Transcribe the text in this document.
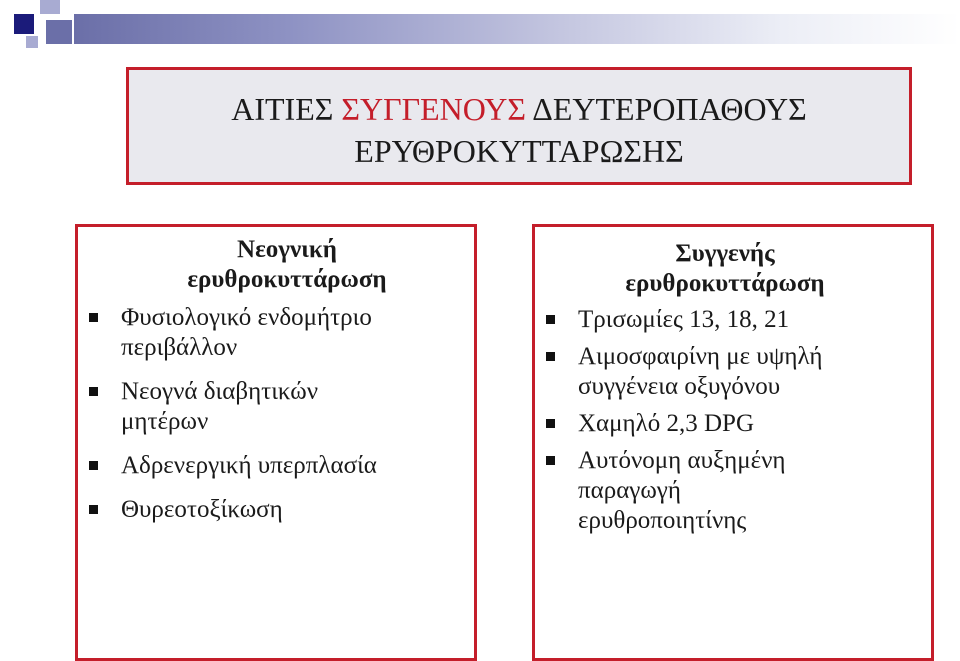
ΑΙΤΙΕΣ ΣΥΓΓΕΝΟΥΣ ΔΕΥΤΕΡΟΠΑΘΟΥΣ
ΕΡΥΘΡΟΚΥΤΤΑΡΩΣΗΣ

Νεογνική
ερυθροκυττάρωση

Φυσιολογικό ενδομήτριο
περιβάλλον
Νεογνά διαβητικών
μητέρων
Αδρενεργική υπερπλασία
Θυρεοτοξίκωση

Συγγενής
ερυθροκυττάρωση

Τρισωμίες 13, 18, 21
Αιμοσφαιρίνη με υψηλή
συγγένεια οξυγόνου
Χαμηλό 2,3 DPG
Αυτόνομη αυξημένη
παραγωγή
ερυθροποιητίνης
